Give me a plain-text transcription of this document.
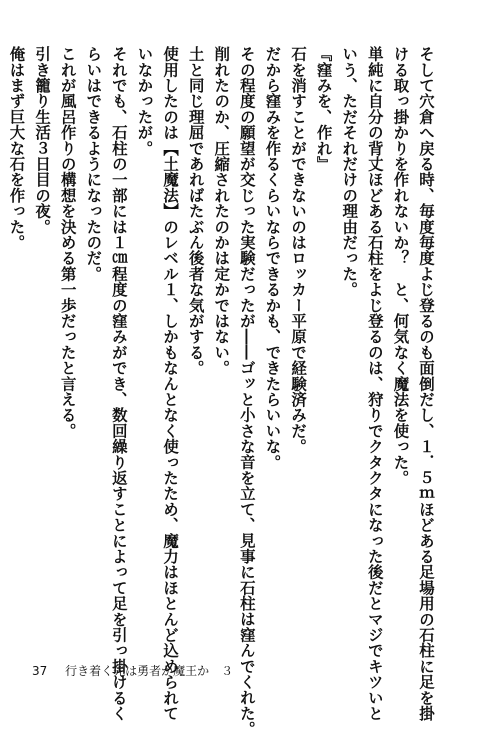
そして穴倉へ戻る時、毎度毎度よじ登るのも面倒だし、１．５ｍほどある足場用の石柱に足を掛
ける取っ掛かりを作れないか？　と、何気なく魔法を使った。
単純に自分の背丈ほどある石柱をよじ登るのは、狩りでクタクタになった後だとマジでキツいと
いう、ただそれだけの理由だった。
『窪みを、作れ』
石を消すことができないのはロッカー平原で経験済みだ。
だから窪みを作るくらいならできるかも、できたらいいな。
その程度の願望が交じった実験だったが――ゴッと小さな音を立て、見事に石柱は窪んでくれた。
削れたのか、圧縮されたのかは定かではない。
土と同じ理屈であればたぶん後者な気がする。
使用したのは【土魔法】のレベル１、しかもなんとなく使ったため、魔力はほとんど込められて
いなかったが。
それでも、石柱の一部には１㎝程度の窪みができ、数回繰り返すことによって足を引っ掛けるく
らいはできるようになったのだ。
これが風呂作りの構想を決める第一歩だったと言える。
引き籠り生活３日目の夜。
俺はまず巨大な石を作った。
37 行き着く先は勇者か魔王か　３
